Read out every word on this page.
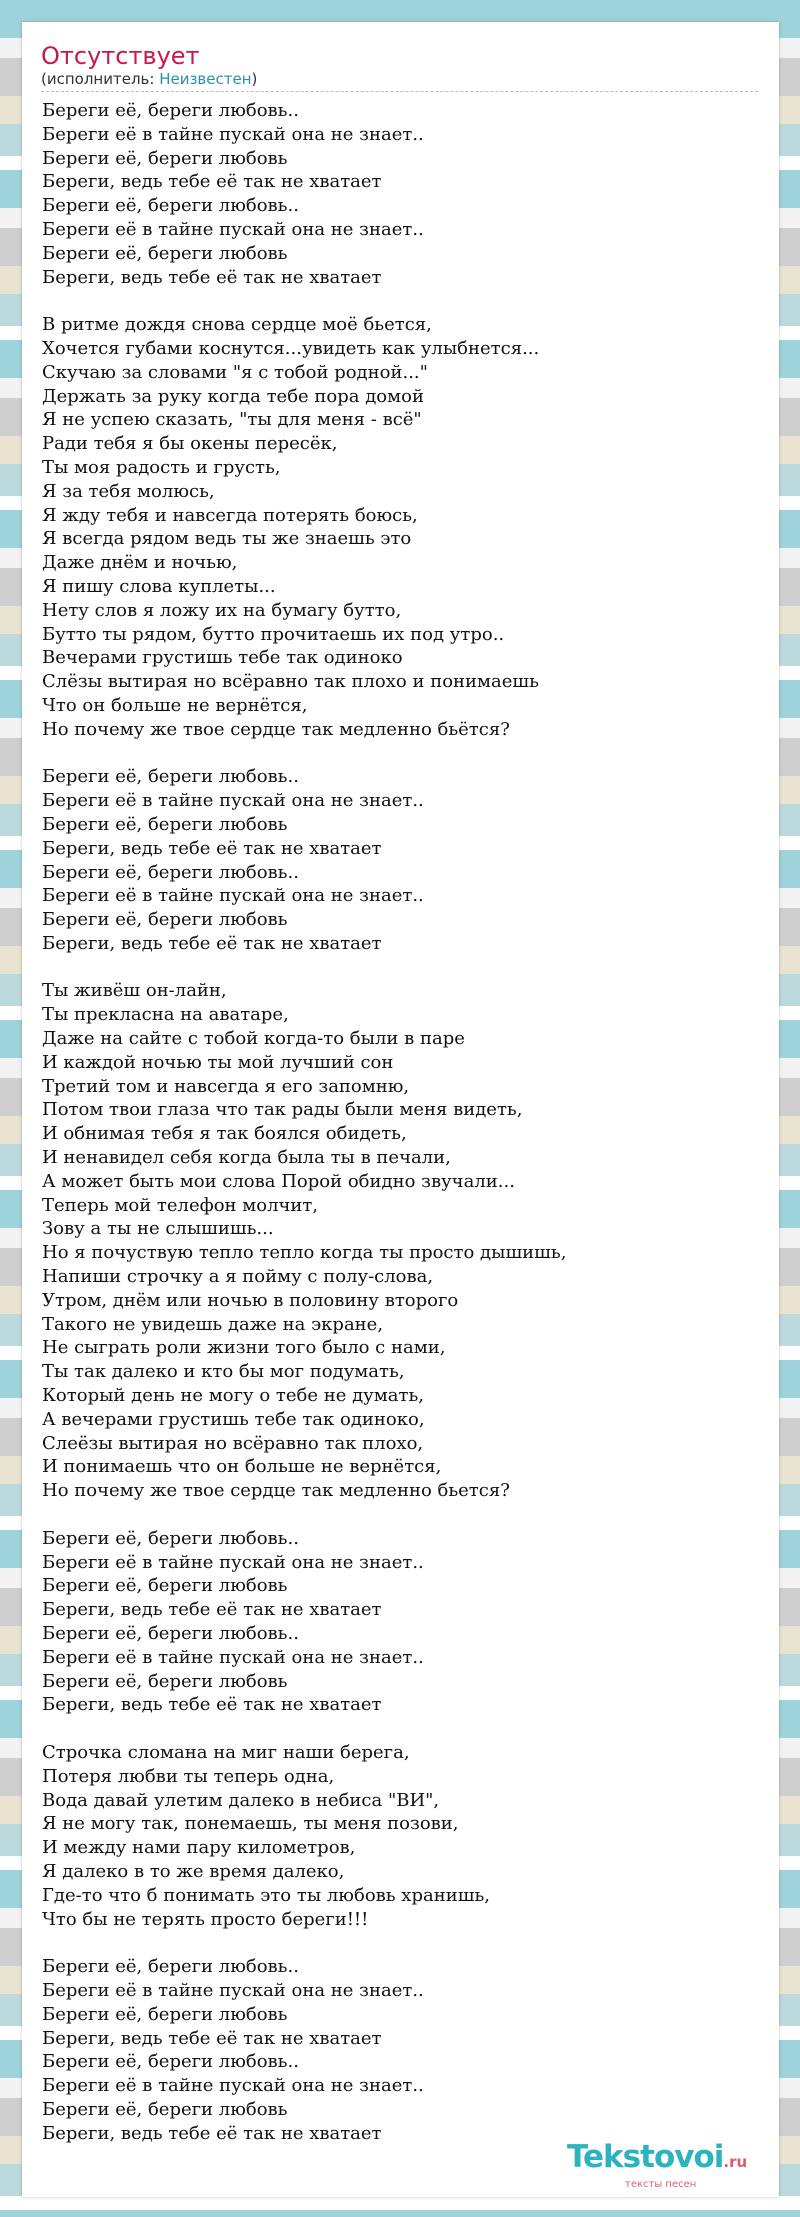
Отсутствует
(исполнитель: Неизвестен)
Береги её, береги любовь..
Береги её в тайне пускай она не знает..
Береги её, береги любовь
Береги, ведь тебе её так не хватает
Береги её, береги любовь..
Береги её в тайне пускай она не знает..
Береги её, береги любовь
Береги, ведь тебе её так не хватает
В ритме дождя снова сердце моё бьется,
Хочется губами коснутся...увидеть как улыбнется...
Скучаю за словами "я с тобой родной..."
Держать за руку когда тебе пора домой
Я не успею сказать, "ты для меня - всё"
Ради тебя я бы окены пересёк,
Ты моя радость и грусть,
Я за тебя молюсь,
Я жду тебя и навсегда потерять боюсь,
Я всегда рядом ведь ты же знаешь это
Даже днём и ночью,
Я пишу слова куплеты...
Нету слов я ложу их на бумагу бутто,
Бутто ты рядом, бутто прочитаешь их под утро..
Вечерами грустишь тебе так одиноко
Слёзы вытирая но всёравно так плохо и понимаешь
Что он больше не вернётся,
Но почему же твое сердце так медленно бьётся?
Береги её, береги любовь..
Береги её в тайне пускай она не знает..
Береги её, береги любовь
Береги, ведь тебе её так не хватает
Береги её, береги любовь..
Береги её в тайне пускай она не знает..
Береги её, береги любовь
Береги, ведь тебе её так не хватает
Ты живёш он-лайн,
Ты прекласна на аватаре,
Даже на сайте с тобой когда-то были в паре
И каждой ночью ты мой лучший сон
Третий том и навсегда я его запомню,
Потом твои глаза что так рады были меня видеть,
И обнимая тебя я так боялся обидеть,
И ненавидел себя когда была ты в печали,
А может быть мои слова Порой обидно звучали...
Теперь мой телефон молчит,
Зову а ты не слышишь...
Но я почуствую тепло тепло когда ты просто дышишь,
Напиши строчку а я пойму с полу-слова,
Утром, днём или ночью в половину второго
Такого не увидешь даже на экране,
Не сыграть роли жизни того было с нами,
Ты так далеко и кто бы мог подумать,
Который день не могу о тебе не думать,
А вечерами грустишь тебе так одиноко,
Слеёзы вытирая но всёравно так плохо,
И понимаешь что он больше не вернётся,
Но почему же твое сердце так медленно бьется?
Береги её, береги любовь..
Береги её в тайне пускай она не знает..
Береги её, береги любовь
Береги, ведь тебе её так не хватает
Береги её, береги любовь..
Береги её в тайне пускай она не знает..
Береги её, береги любовь
Береги, ведь тебе её так не хватает
Строчка сломана на миг наши берега,
Потеря любви ты теперь одна,
Вода давай улетим далеко в небиса "ВИ",
Я не могу так, понемаешь, ты меня позови,
И между нами пару километров,
Я далеко в то же время далеко,
Где-то что б понимать это ты любовь хранишь,
Что бы не терять просто береги!!!
Береги её, береги любовь..
Береги её в тайне пускай она не знает..
Береги её, береги любовь
Береги, ведь тебе её так не хватает
Береги её, береги любовь..
Береги её в тайне пускай она не знает..
Береги её, береги любовь
Береги, ведь тебе её так не хватает
Tekstovoi.ru
тексты песен
